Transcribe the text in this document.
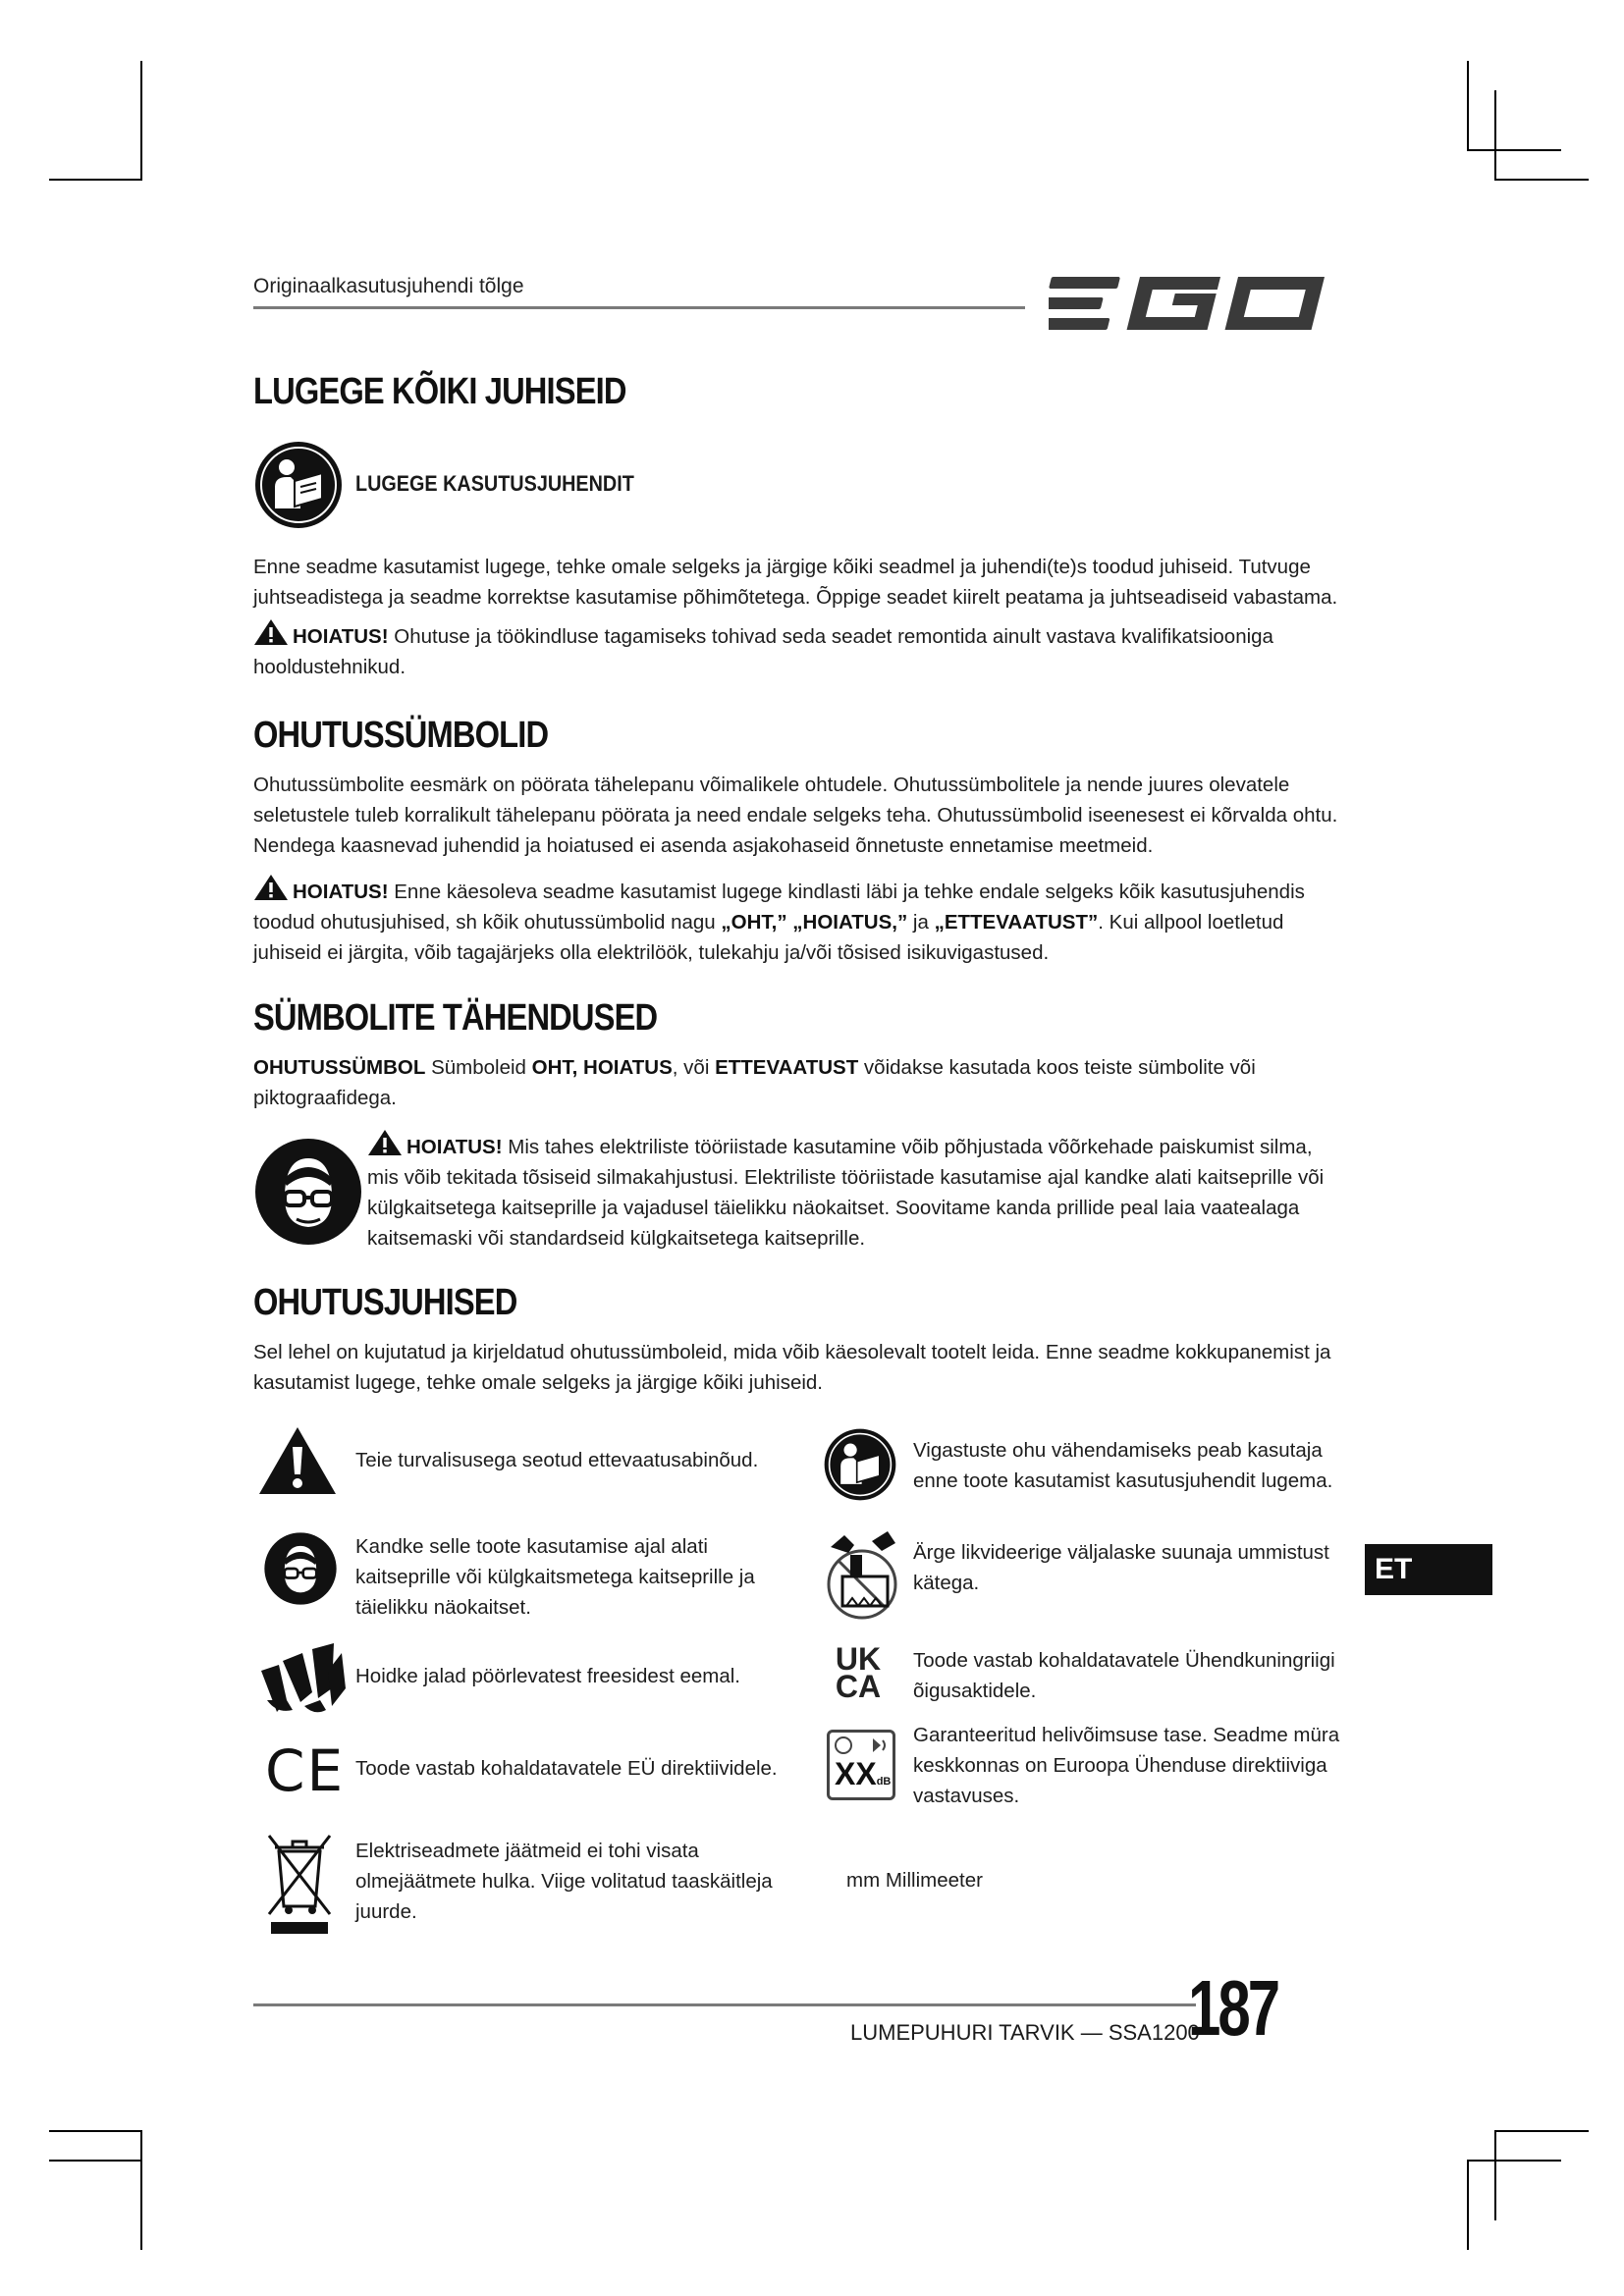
Originaalkasutusjuhendi tõlge
LUGEGE KÕIKI JUHISEID
LUGEGE KASUTUSJUHENDIT

Enne seadme kasutamist lugege, tehke omale selgeks ja järgige kõiki seadmel ja juhendi(te)s toodud juhiseid. Tutvuge juhtseadistega ja seadme korrektse kasutamise põhimõtetega. Õppige seadet kiirelt peatama ja juhtseadiseid vabastama.

HOIATUS! Ohutuse ja töökindluse tagamiseks tohivad seda seadet remontida ainult vastava kvalifikatsiooniga hooldustehnikud.

OHUTUSSÜMBOLID

Ohutussümbolite eesmärk on pöörata tähelepanu võimalikele ohtudele. Ohutussümbolitele ja nende juures olevatele seletustele tuleb korralikult tähelepanu pöörata ja need endale selgeks teha. Ohutussümbolid iseenesest ei kõrvalda ohtu. Nendega kaasnevad juhendid ja hoiatused ei asenda asjakohaseid õnnetuste ennetamise meetmeid.

HOIATUS! Enne käesoleva seadme kasutamist lugege kindlasti läbi ja tehke endale selgeks kõik kasutusjuhendis toodud ohutusjuhised, sh kõik ohutussümbolid nagu „OHT,” „HOIATUS,” ja „ETTEVAATUST”. Kui allpool loetletud juhiseid ei järgita, võib tagajärjeks olla elektrilöök, tulekahju ja/või tõsised isikuvigastused.

SÜMBOLITE TÄHENDUSED

OHUTUSSÜMBOL Sümboleid OHT, HOIATUS, või ETTEVAATUST võidakse kasutada koos teiste sümbolite või piktograafidega.

HOIATUS! Mis tahes elektriliste tööriistade kasutamine võib põhjustada võõrkehade paiskumist silma, mis võib tekitada tõsiseid silmakahjustusi. Elektriliste tööriistade kasutamise ajal kandke alati kaitseprille või külgkaitsetega kaitseprille ja vajadusel täielikku näokaitset. Soovitame kanda prillide peal laia vaatealaga kaitsemaski või standardseid külgkaitsetega kaitseprille.

OHUTUSJUHISED

Sel lehel on kujutatud ja kirjeldatud ohutussümboleid, mida võib käesolevalt tootelt leida. Enne seadme kokkupanemist ja kasutamist lugege, tehke omale selgeks ja järgige kõiki juhiseid.

Teie turvalisusega seotud ettevaatusabinõud.
Kandke selle toote kasutamise ajal alati kaitseprille või külgkaitsmetega kaitseprille ja täielikku näokaitset.
Hoidke jalad pöörlevatest freesidest eemal.
CE Toode vastab kohaldatavatele EÜ direktiividele.
Elektriseadmete jäätmeid ei tohi visata olmejäätmete hulka. Viige volitatud taaskäitleja juurde.
Vigastuste ohu vähendamiseks peab kasutaja enne toote kasutamist kasutusjuhendit lugema.
Ärge likvideerige väljalaske suunaja ummistust kätega.
UK
CA
Toode vastab kohaldatavatele Ühendkuningriigi õigusaktidele.
XXdB
Garanteeritud helivõimsuse tase. Seadme müra keskkonnas on Euroopa Ühenduse direktiiviga vastavuses.
mm Millimeeter
ET
LUMEPUHURI TARVIK — SSA1200
187
